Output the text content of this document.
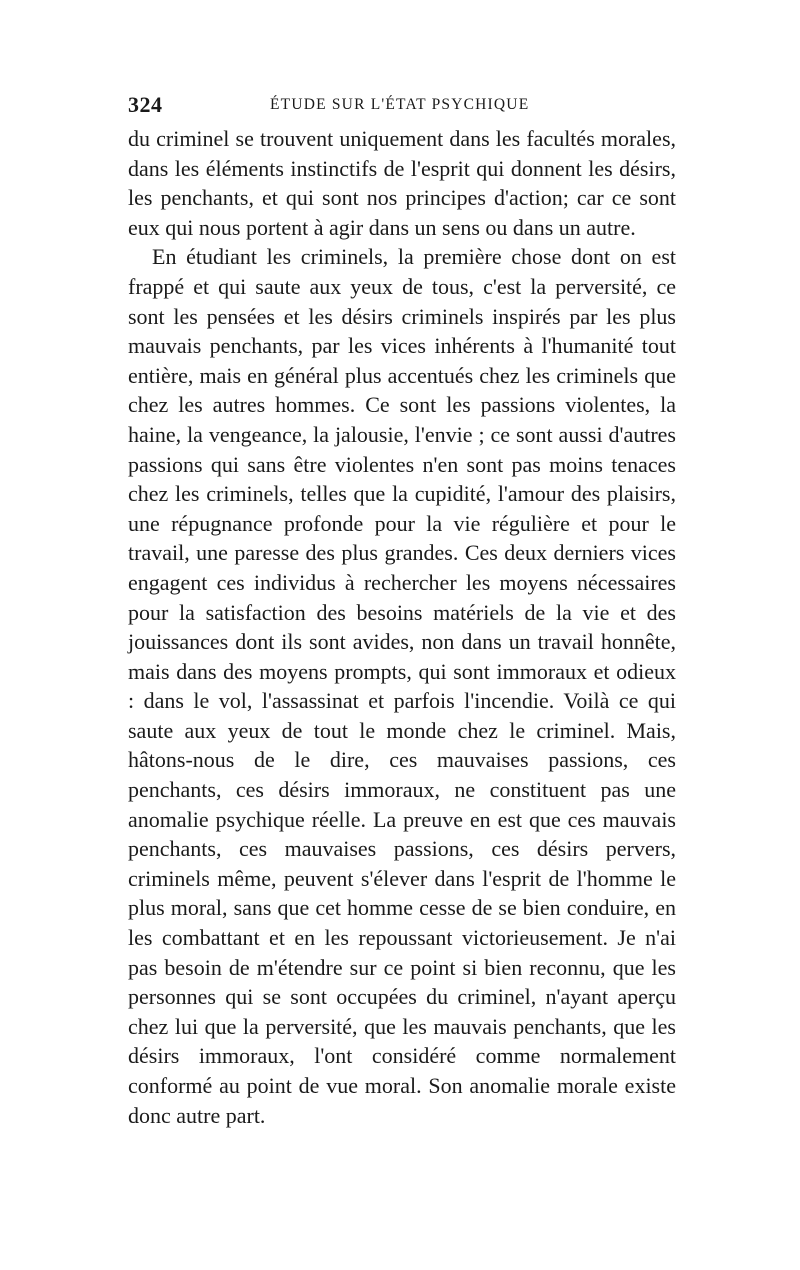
324	ÉTUDE SUR L'ÉTAT PSYCHIQUE

du criminel se trouvent uniquement dans les facultés morales, dans les éléments instinctifs de l'esprit qui donnent les désirs, les penchants, et qui sont nos principes d'action; car ce sont eux qui nous portent à agir dans un sens ou dans un autre.

En étudiant les criminels, la première chose dont on est frappé et qui saute aux yeux de tous, c'est la perversité, ce sont les pensées et les désirs criminels inspirés par les plus mauvais penchants, par les vices inhérents à l'humanité tout entière, mais en général plus accentués chez les criminels que chez les autres hommes. Ce sont les passions violentes, la haine, la vengeance, la jalousie, l'envie ; ce sont aussi d'autres passions qui sans être violentes n'en sont pas moins tenaces chez les criminels, telles que la cupidité, l'amour des plaisirs, une répugnance profonde pour la vie régulière et pour le travail, une paresse des plus grandes. Ces deux derniers vices engagent ces individus à rechercher les moyens nécessaires pour la satisfaction des besoins matériels de la vie et des jouissances dont ils sont avides, non dans un travail honnête, mais dans des moyens prompts, qui sont immoraux et odieux : dans le vol, l'assassinat et parfois l'incendie. Voilà ce qui saute aux yeux de tout le monde chez le criminel. Mais, hâtons-nous de le dire, ces mauvaises passions, ces penchants, ces désirs immoraux, ne constituent pas une anomalie psychique réelle. La preuve en est que ces mauvais penchants, ces mauvaises passions, ces désirs pervers, criminels même, peuvent s'élever dans l'esprit de l'homme le plus moral, sans que cet homme cesse de se bien conduire, en les combattant et en les repoussant victorieusement. Je n'ai pas besoin de m'étendre sur ce point si bien reconnu, que les personnes qui se sont occupées du criminel, n'ayant aperçu chez lui que la perversité, que les mauvais penchants, que les désirs immoraux, l'ont considéré comme normalement conformé au point de vue moral. Son anomalie morale existe donc autre part.
